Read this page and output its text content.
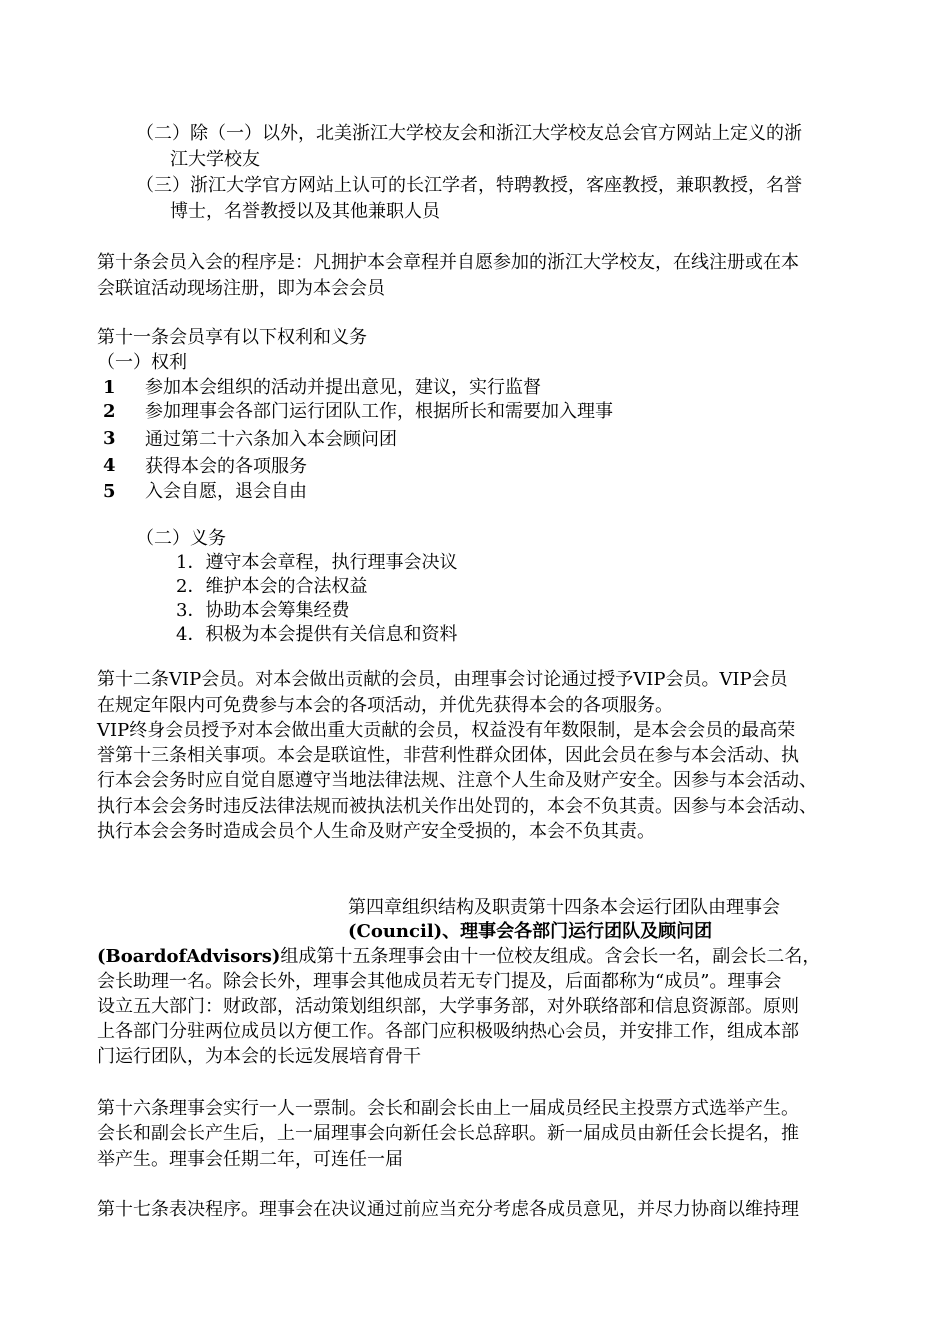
（二）除（一）以外，北美浙江大学校友会和浙江大学校友总会官方网站上定义的浙
江大学校友
（三）浙江大学官方网站上认可的长江学者，特聘教授，客座教授，兼职教授，名誉
博士，名誉教授以及其他兼职人员
第十条会员入会的程序是：凡拥护本会章程并自愿参加的浙江大学校友，在线注册或在本
会联谊活动现场注册，即为本会会员
第十一条会员享有以下权利和义务
（一）权利
1 参加本会组织的活动并提出意见，建议，实行监督
2 参加理事会各部门运行团队工作，根据所长和需要加入理事
3 通过第二十六条加入本会顾问团
4 获得本会的各项服务
5 入会自愿，退会自由
（二）义务
1．遵守本会章程，执行理事会决议
2．维护本会的合法权益
3．协助本会筹集经费
4．积极为本会提供有关信息和资料
第十二条VIP会员。对本会做出贡献的会员，由理事会讨论通过授予VIP会员。VIP会员
在规定年限内可免费参与本会的各项活动，并优先获得本会的各项服务。
VIP终身会员授予对本会做出重大贡献的会员，权益没有年数限制，是本会会员的最高荣
誉第十三条相关事项。本会是联谊性，非营利性群众团体，因此会员在参与本会活动、执
行本会会务时应自觉自愿遵守当地法律法规、注意个人生命及财产安全。因参与本会活动、
执行本会会务时违反法律法规而被执法机关作出处罚的，本会不负其责。因参与本会活动、
执行本会会务时造成会员个人生命及财产安全受损的，本会不负其责。
第四章组织结构及职责第十四条本会运行团队由理事会
(Council)、理事会各部门运行团队及顾问团
(BoardofAdvisors)组成第十五条理事会由十一位校友组成。含会长一名，副会长二名，
会长助理一名。除会长外，理事会其他成员若无专门提及，后面都称为“成员”。理事会
设立五大部门：财政部，活动策划组织部，大学事务部，对外联络部和信息资源部。原则
上各部门分驻两位成员以方便工作。各部门应积极吸纳热心会员，并安排工作，组成本部
门运行团队，为本会的长远发展培育骨干
第十六条理事会实行一人一票制。会长和副会长由上一届成员经民主投票方式选举产生。
会长和副会长产生后，上一届理事会向新任会长总辞职。新一届成员由新任会长提名，推
举产生。理事会任期二年，可连任一届
第十七条表决程序。理事会在决议通过前应当充分考虑各成员意见，并尽力协商以维持理
